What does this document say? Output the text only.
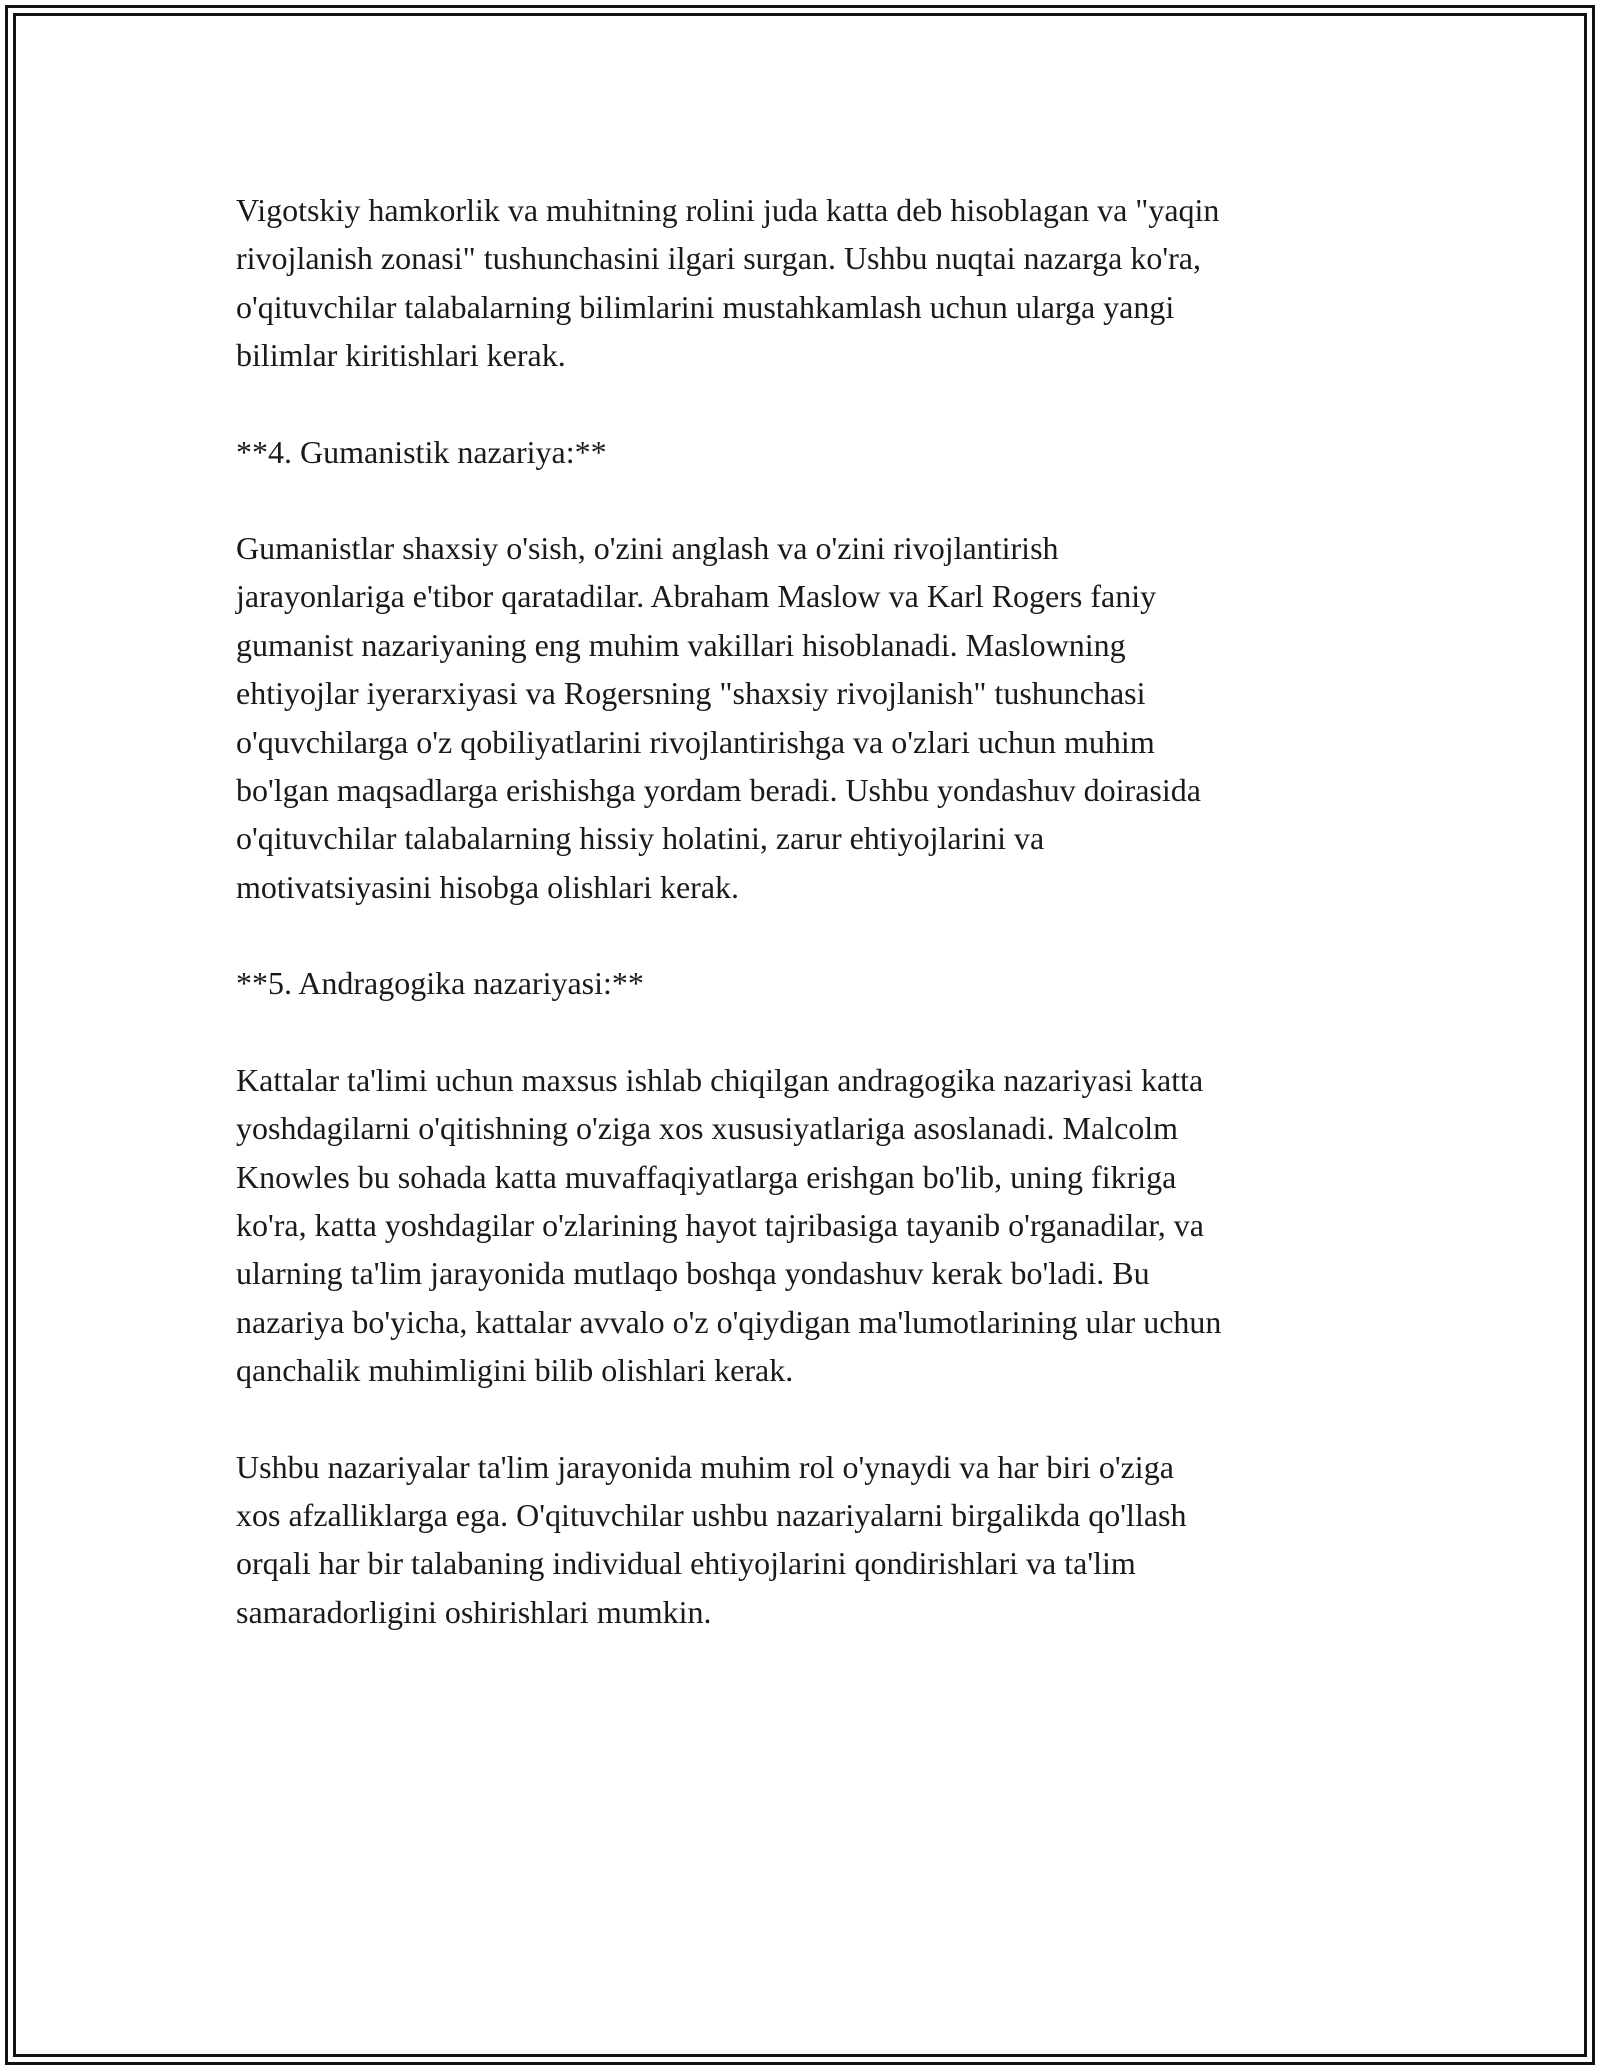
Vigotskiy hamkorlik va muhitning rolini juda katta deb hisoblagan va "yaqin
rivojlanish zonasi" tushunchasini ilgari surgan. Ushbu nuqtai nazarga ko'ra,
o'qituvchilar talabalarning bilimlarini mustahkamlash uchun ularga yangi
bilimlar kiritishlari kerak.

**4. Gumanistik nazariya:**

Gumanistlar shaxsiy o'sish, o'zini anglash va o'zini rivojlantirish
jarayonlariga e'tibor qaratadilar. Abraham Maslow va Karl Rogers faniy
gumanist nazariyaning eng muhim vakillari hisoblanadi. Maslowning
ehtiyojlar iyerarxiyasi va Rogersning "shaxsiy rivojlanish" tushunchasi
o'quvchilarga o'z qobiliyatlarini rivojlantirishga va o'zlari uchun muhim
bo'lgan maqsadlarga erishishga yordam beradi. Ushbu yondashuv doirasida
o'qituvchilar talabalarning hissiy holatini, zarur ehtiyojlarini va
motivatsiyasini hisobga olishlari kerak.

**5. Andragogika nazariyasi:**

Kattalar ta'limi uchun maxsus ishlab chiqilgan andragogika nazariyasi katta
yoshdagilarni o'qitishning o'ziga xos xususiyatlariga asoslanadi. Malcolm
Knowles bu sohada katta muvaffaqiyatlarga erishgan bo'lib, uning fikriga
ko'ra, katta yoshdagilar o'zlarining hayot tajribasiga tayanib o'rganadilar, va
ularning ta'lim jarayonida mutlaqo boshqa yondashuv kerak bo'ladi. Bu
nazariya bo'yicha, kattalar avvalo o'z o'qiydigan ma'lumotlarining ular uchun
qanchalik muhimligini bilib olishlari kerak.

Ushbu nazariyalar ta'lim jarayonida muhim rol o'ynaydi va har biri o'ziga
xos afzalliklarga ega. O'qituvchilar ushbu nazariyalarni birgalikda qo'llash
orqali har bir talabaning individual ehtiyojlarini qondirishlari va ta'lim
samaradorligini oshirishlari mumkin.
